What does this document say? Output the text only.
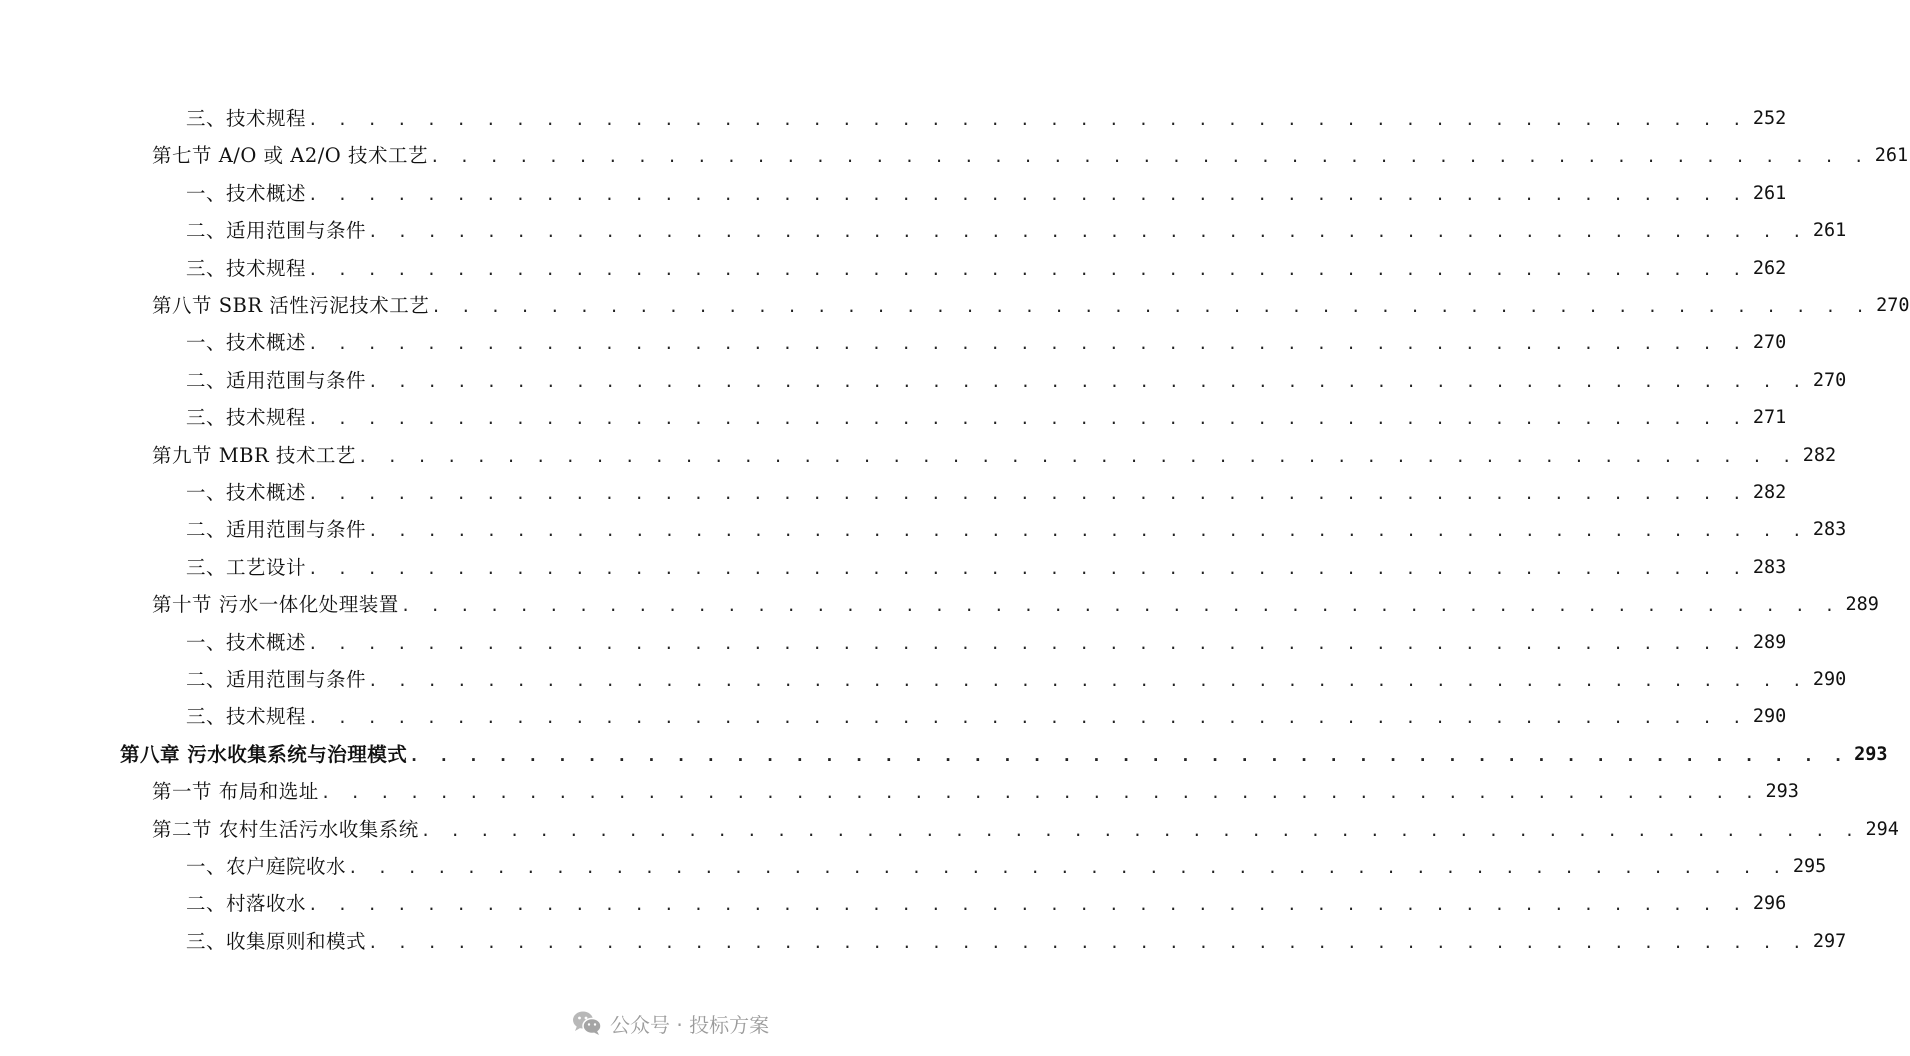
三、技术规程 . . . . . . . . . . . . . . . . . . . . . . . . . . . . . . . . . . . . . . . . . . . . . . . . . 252
第七节 A/O 或 A2/O 技术工艺 . . . . . . . . . . . . . . . . . . . . . . . . . . . . . . . . . . . . . . . . . . . . . . . . . 261
一、技术概述 . . . . . . . . . . . . . . . . . . . . . . . . . . . . . . . . . . . . . . . . . . . . . . . . . 261
二、适用范围与条件 . . . . . . . . . . . . . . . . . . . . . . . . . . . . . . . . . . . . . . . . . . . . . . . . . 261
三、技术规程 . . . . . . . . . . . . . . . . . . . . . . . . . . . . . . . . . . . . . . . . . . . . . . . . . 262
第八节 SBR 活性污泥技术工艺 . . . . . . . . . . . . . . . . . . . . . . . . . . . . . . . . . . . . . . . . . . . . . . . . . 270
一、技术概述 . . . . . . . . . . . . . . . . . . . . . . . . . . . . . . . . . . . . . . . . . . . . . . . . . 270
二、适用范围与条件 . . . . . . . . . . . . . . . . . . . . . . . . . . . . . . . . . . . . . . . . . . . . . . . . . 270
三、技术规程 . . . . . . . . . . . . . . . . . . . . . . . . . . . . . . . . . . . . . . . . . . . . . . . . . 271
第九节 MBR 技术工艺 . . . . . . . . . . . . . . . . . . . . . . . . . . . . . . . . . . . . . . . . . . . . . . . . . 282
一、技术概述 . . . . . . . . . . . . . . . . . . . . . . . . . . . . . . . . . . . . . . . . . . . . . . . . . 282
二、适用范围与条件 . . . . . . . . . . . . . . . . . . . . . . . . . . . . . . . . . . . . . . . . . . . . . . . . . 283
三、工艺设计 . . . . . . . . . . . . . . . . . . . . . . . . . . . . . . . . . . . . . . . . . . . . . . . . . 283
第十节 污水一体化处理装置 . . . . . . . . . . . . . . . . . . . . . . . . . . . . . . . . . . . . . . . . . . . . . . . . . 289
一、技术概述 . . . . . . . . . . . . . . . . . . . . . . . . . . . . . . . . . . . . . . . . . . . . . . . . . 289
二、适用范围与条件 . . . . . . . . . . . . . . . . . . . . . . . . . . . . . . . . . . . . . . . . . . . . . . . . . 290
三、技术规程 . . . . . . . . . . . . . . . . . . . . . . . . . . . . . . . . . . . . . . . . . . . . . . . . . 290
第八章 污水收集系统与治理模式 . . . . . . . . . . . . . . . . . . . . . . . . . . . . . . . . . . . . . . . . . . . . . . . . . 293
第一节 布局和选址 . . . . . . . . . . . . . . . . . . . . . . . . . . . . . . . . . . . . . . . . . . . . . . . . . 293
第二节 农村生活污水收集系统 . . . . . . . . . . . . . . . . . . . . . . . . . . . . . . . . . . . . . . . . . . . . . . . . . 294
一、农户庭院收水 . . . . . . . . . . . . . . . . . . . . . . . . . . . . . . . . . . . . . . . . . . . . . . . . . 295
二、村落收水 . . . . . . . . . . . . . . . . . . . . . . . . . . . . . . . . . . . . . . . . . . . . . . . . . 296
三、收集原则和模式 . . . . . . . . . . . . . . . . . . . . . . . . . . . . . . . . . . . . . . . . . . . . . . . . . 297
公众号 · 投标方案
